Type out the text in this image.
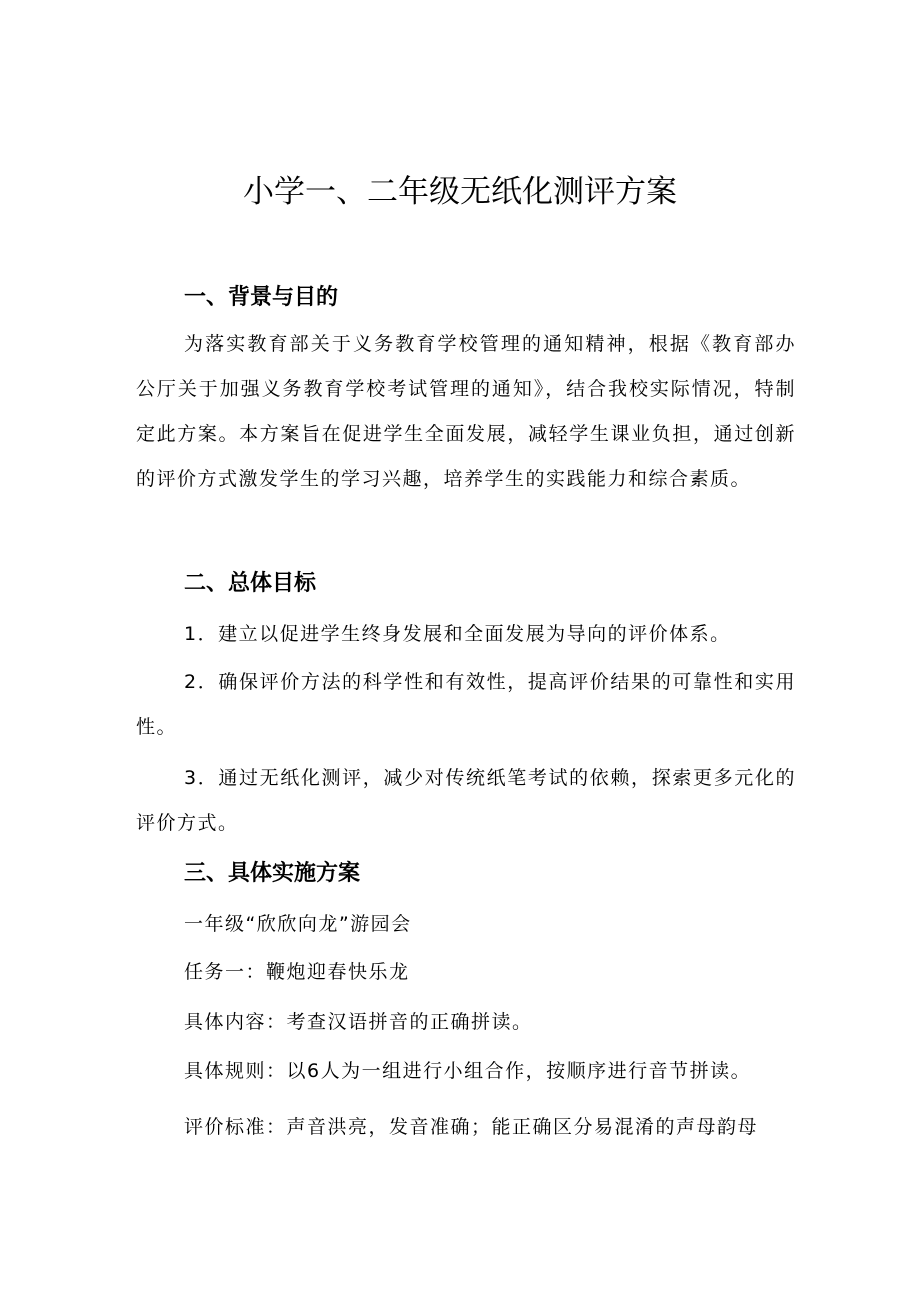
小学一、二年级无纸化测评方案
一、背景与目的

为落实教育部关于义务教育学校管理的通知精神，根据《教育部办公厅关于加强义务教育学校考试管理的通知》，结合我校实际情况，特制定此方案。本方案旨在促进学生全面发展，减轻学生课业负担，通过创新的评价方式激发学生的学习兴趣，培养学生的实践能力和综合素质。

二、总体目标

1．建立以促进学生终身发展和全面发展为导向的评价体系。

2．确保评价方法的科学性和有效性，提高评价结果的可靠性和实用性。

3．通过无纸化测评，减少对传统纸笔考试的依赖，探索更多元化的评价方式。

三、具体实施方案
一年级“欣欣向龙”游园会
任务一：鞭炮迎春快乐龙
具体内容：考查汉语拼音的正确拼读。
具体规则：以6人为一组进行小组合作，按顺序进行音节拼读。
评价标准：声音洪亮，发音准确；能正确区分易混淆的声母韵母
